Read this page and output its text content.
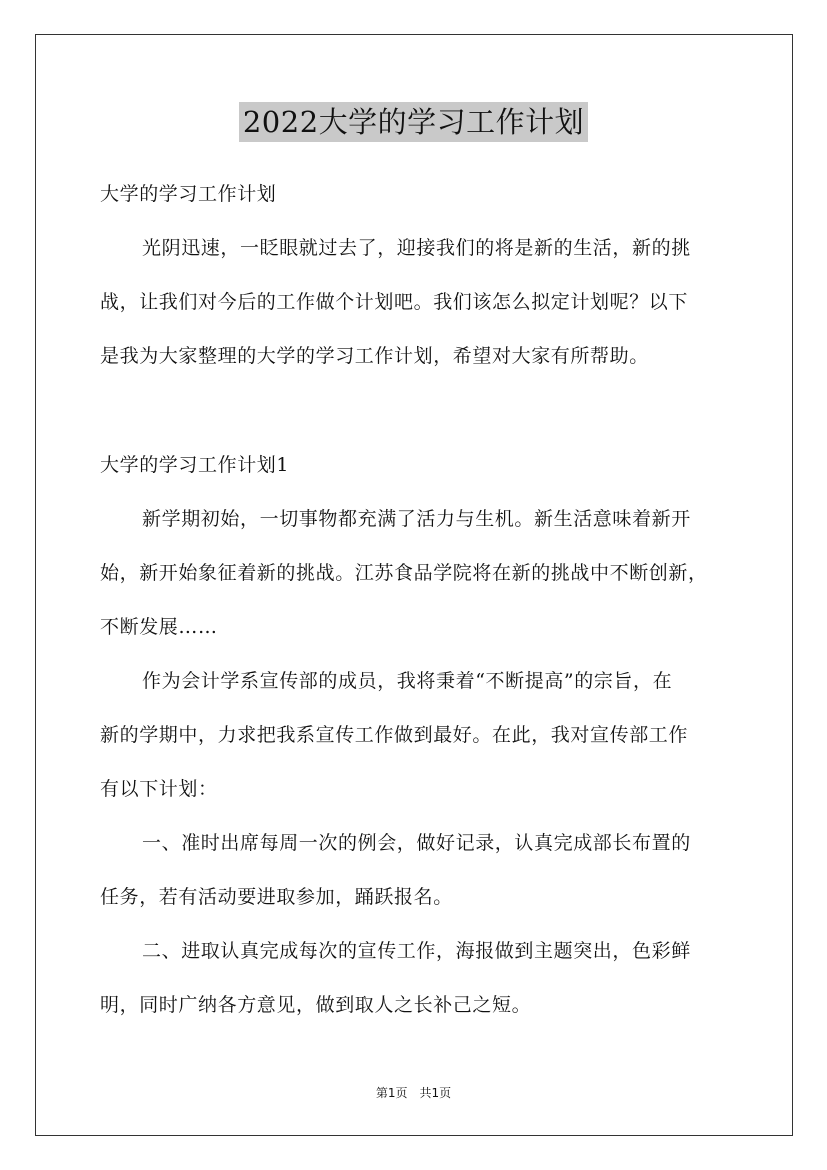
2022大学的学习工作计划
大学的学习工作计划
光阴迅速，一眨眼就过去了，迎接我们的将是新的生活，新的挑
战，让我们对今后的工作做个计划吧。我们该怎么拟定计划呢？以下
是我为大家整理的大学的学习工作计划，希望对大家有所帮助。
大学的学习工作计划1
新学期初始，一切事物都充满了活力与生机。新生活意味着新开
始，新开始象征着新的挑战。江苏食品学院将在新的挑战中不断创新，
不断发展……
作为会计学系宣传部的成员，我将秉着“不断提高”的宗旨，在
新的学期中，力求把我系宣传工作做到最好。在此，我对宣传部工作
有以下计划：
一、准时出席每周一次的例会，做好记录，认真完成部长布置的
任务，若有活动要进取参加，踊跃报名。
二、进取认真完成每次的宣传工作，海报做到主题突出，色彩鲜
明，同时广纳各方意见，做到取人之长补己之短。
第1页　共1页
